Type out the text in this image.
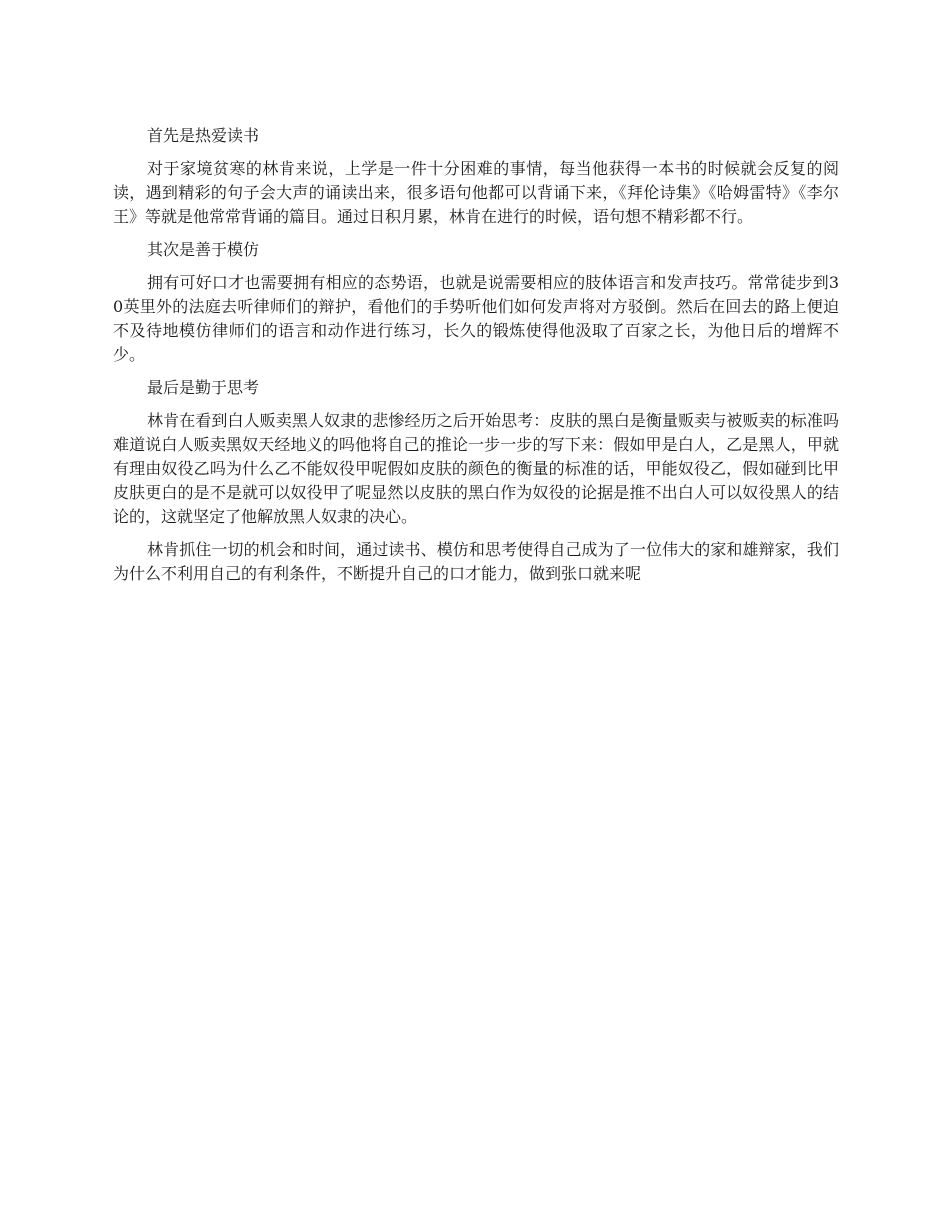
首先是热爱读书

对于家境贫寒的林肯来说，上学是一件十分困难的事情，每当他获得一本书的时候就会反复的阅读，遇到精彩的句子会大声的诵读出来，很多语句他都可以背诵下来，《拜伦诗集》《哈姆雷特》《李尔王》等就是他常常背诵的篇目。通过日积月累，林肯在进行的时候，语句想不精彩都不行。

其次是善于模仿

拥有可好口才也需要拥有相应的态势语，也就是说需要相应的肢体语言和发声技巧。常常徒步到30英里外的法庭去听律师们的辩护，看他们的手势听他们如何发声将对方驳倒。然后在回去的路上便迫不及待地模仿律师们的语言和动作进行练习，长久的锻炼使得他汲取了百家之长，为他日后的增辉不少。

最后是勤于思考

林肯在看到白人贩卖黑人奴隶的悲惨经历之后开始思考：皮肤的黑白是衡量贩卖与被贩卖的标准吗难道说白人贩卖黑奴天经地义的吗他将自己的推论一步一步的写下来：假如甲是白人，乙是黑人，甲就有理由奴役乙吗为什么乙不能奴役甲呢假如皮肤的颜色的衡量的标准的话，甲能奴役乙，假如碰到比甲皮肤更白的是不是就可以奴役甲了呢显然以皮肤的黑白作为奴役的论据是推不出白人可以奴役黑人的结论的，这就坚定了他解放黑人奴隶的决心。

林肯抓住一切的机会和时间，通过读书、模仿和思考使得自己成为了一位伟大的家和雄辩家，我们为什么不利用自己的有利条件，不断提升自己的口才能力，做到张口就来呢
